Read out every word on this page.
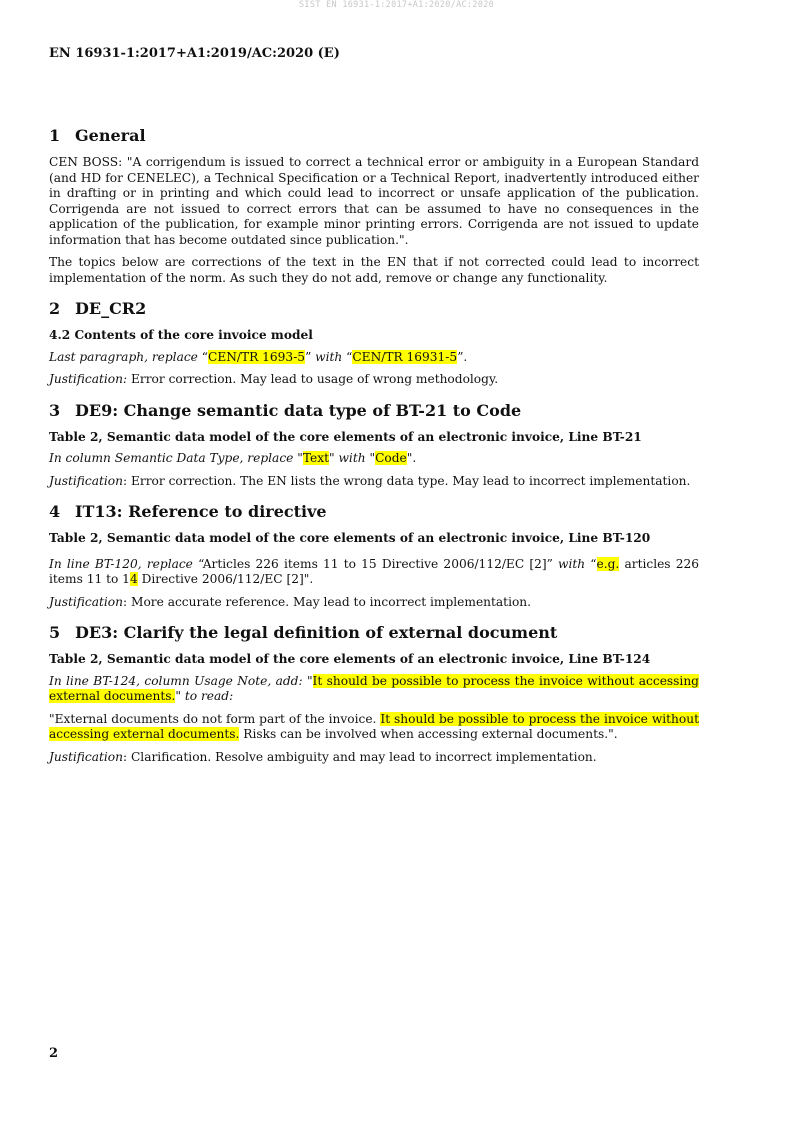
SIST EN 16931-1:2017+A1:2020/AC:2020
EN 16931-1:2017+A1:2019/AC:2020 (E)
1 General

CEN BOSS: "A corrigendum is issued to correct a technical error or ambiguity in a European Standard (and HD for CENELEC), a Technical Specification or a Technical Report, inadvertently introduced either in drafting or in printing and which could lead to incorrect or unsafe application of the publication. Corrigenda are not issued to correct errors that can be assumed to have no consequences in the application of the publication, for example minor printing errors. Corrigenda are not issued to update information that has become outdated since publication.".

The topics below are corrections of the text in the EN that if not corrected could lead to incorrect implementation of the norm. As such they do not add, remove or change any functionality.

2 DE_CR2
4.2 Contents of the core invoice model

Last paragraph, replace “CEN/TR 1693-5” with “CEN/TR 16931-5”.

Justification: Error correction. May lead to usage of wrong methodology.

3 DE9: Change semantic data type of BT-21 to Code
Table 2, Semantic data model of the core elements of an electronic invoice, Line BT-21

In column Semantic Data Type, replace "Text" with "Code".

Justification: Error correction. The EN lists the wrong data type. May lead to incorrect implementation.

4 IT13: Reference to directive
Table 2, Semantic data model of the core elements of an electronic invoice, Line BT-120

In line BT-120, replace “Articles 226 items 11 to 15 Directive 2006/112/EC [2]” with “e.g. articles 226 items 11 to 14 Directive 2006/112/EC [2]".

Justification: More accurate reference. May lead to incorrect implementation.

5 DE3: Clarify the legal definition of external document
Table 2, Semantic data model of the core elements of an electronic invoice, Line BT-124

In line BT-124, column Usage Note, add: "It should be possible to process the invoice without accessing external documents." to read:

"External documents do not form part of the invoice. It should be possible to process the invoice without accessing external documents. Risks can be involved when accessing external documents.".

Justification: Clarification. Resolve ambiguity and may lead to incorrect implementation.

2
